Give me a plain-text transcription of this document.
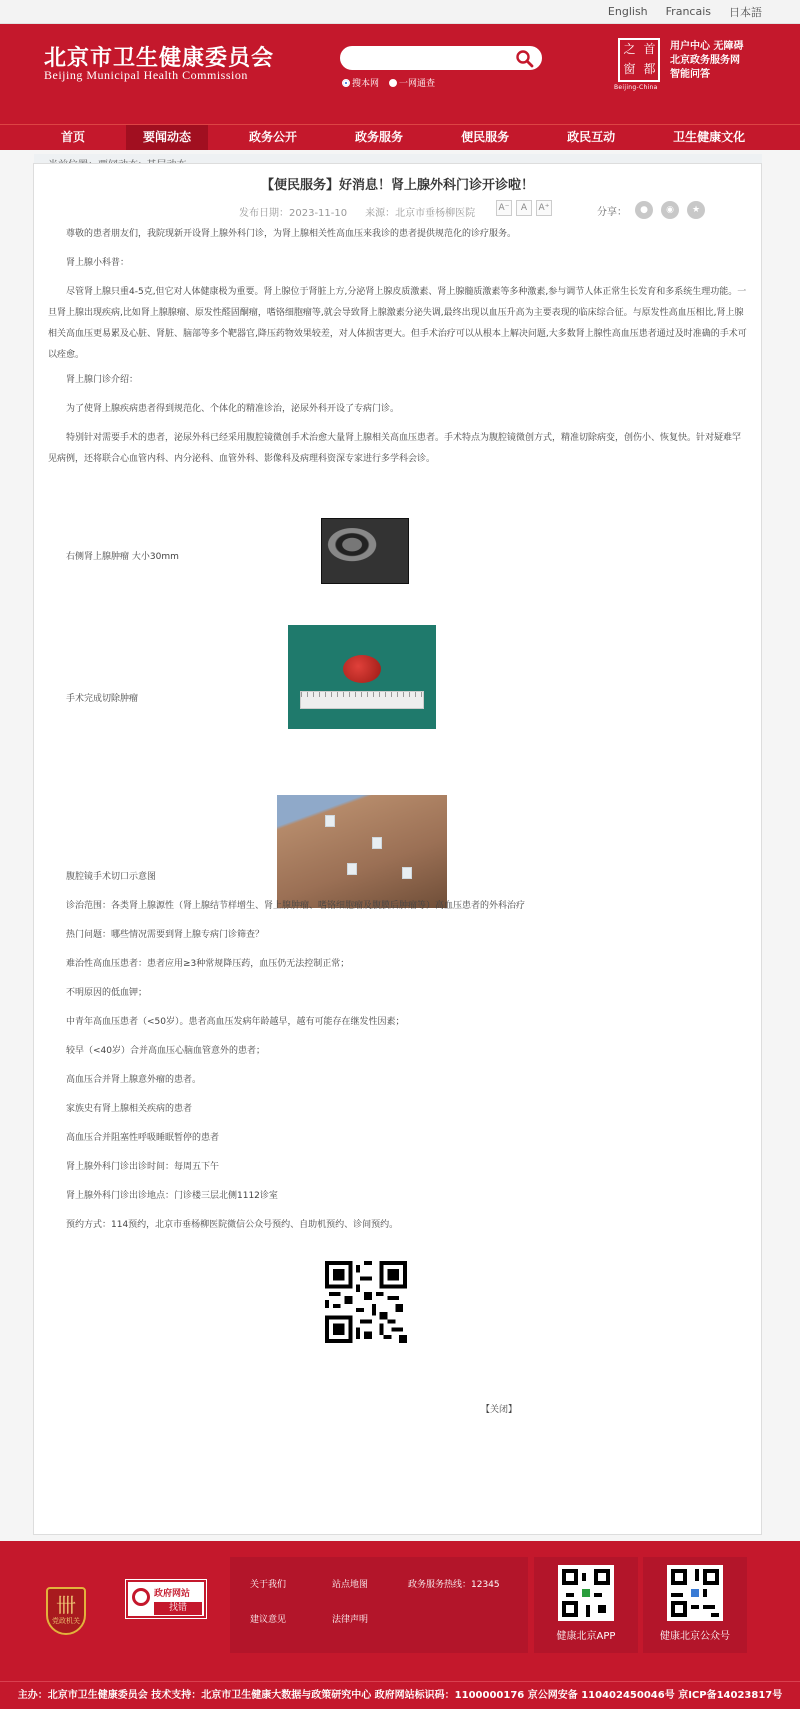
English Francais 日本語
北京市卫生健康委员会
Beijing Municipal Health Commission
搜本网 一网通查
之 首
窗 都
Beijing-China
用户中心 无障碍
北京政务服务网
智能问答
首页	要闻动态	政务公开	政务服务	便民服务	政民互动	卫生健康文化
【便民服务】好消息！肾上腺外科门诊开诊啦！
发布日期：2023-11-10 来源：北京市垂杨柳医院	A⁻	A	A⁺	分享：	●	◉	★
尊敬的患者朋友们，我院现新开设肾上腺外科门诊，为肾上腺相关性高血压来我诊的患者提供规范化的诊疗服务。
肾上腺小科普：
尽管肾上腺只重4-5克,但它对人体健康极为重要。肾上腺位于肾脏上方,分泌肾上腺皮质激素、肾上腺髓质激素等多种激素,参与调节人体正常生长发育和多系统生理功能。一旦肾上腺出现疾病,比如肾上腺腺瘤、原发性醛固酮瘤，嗜铬细胞瘤等,就会导致肾上腺激素分泌失调,最终出现以血压升高为主要表现的临床综合征。与原发性高血压相比,肾上腺相关高血压更易累及心脏、肾脏、脑部等多个靶器官,降压药物效果较差，对人体损害更大。但手术治疗可以从根本上解决问题,大多数肾上腺性高血压患者通过及时准确的手术可以痊愈。
肾上腺门诊介绍：
为了使肾上腺疾病患者得到规范化、个体化的精准诊治，泌尿外科开设了专病门诊。
特别针对需要手术的患者，泌尿外科已经采用腹腔镜微创手术治愈大量肾上腺相关高血压患者。手术特点为腹腔镜微创方式，精准切除病变，创伤小、恢复快。针对疑难罕见病例，还将联合心血管内科、内分泌科、血管外科、影像科及病理科资深专家进行多学科会诊。
右侧肾上腺肿瘤 大小30mm
手术完成切除肿瘤
腹腔镜手术切口示意图
诊治范围：各类肾上腺源性（肾上腺结节样增生、肾上腺肿瘤、嗜铬细胞瘤及腹膜后肿瘤等）高血压患者的外科治疗
热门问题：哪些情况需要到肾上腺专病门诊筛查？
难治性高血压患者：患者应用≥3种常规降压药，血压仍无法控制正常；
不明原因的低血钾；
中青年高血压患者（<50岁）。患者高血压发病年龄越早，越有可能存在继发性因素；
较早（<40岁）合并高血压心脑血管意外的患者；
高血压合并肾上腺意外瘤的患者。
家族史有肾上腺相关疾病的患者
高血压合并阻塞性呼吸睡眠暂停的患者
肾上腺外科门诊出诊时间：每周五下午
肾上腺外科门诊出诊地点：门诊楼三层北侧1112诊室
预约方式：114预约，北京市垂杨柳医院微信公众号预约、自助机预约、诊间预约。
【关闭】
卌
党政机关
政府网站
找错
关于我们	站点地图	政务服务热线：12345
建议意见	法律声明
健康北京APP	健康北京公众号
主办：北京市卫生健康委员会 技术支持：北京市卫生健康大数据与政策研究中心 政府网站标识码：1100000176 京公网安备 110402450046号 京ICP备14023817号
